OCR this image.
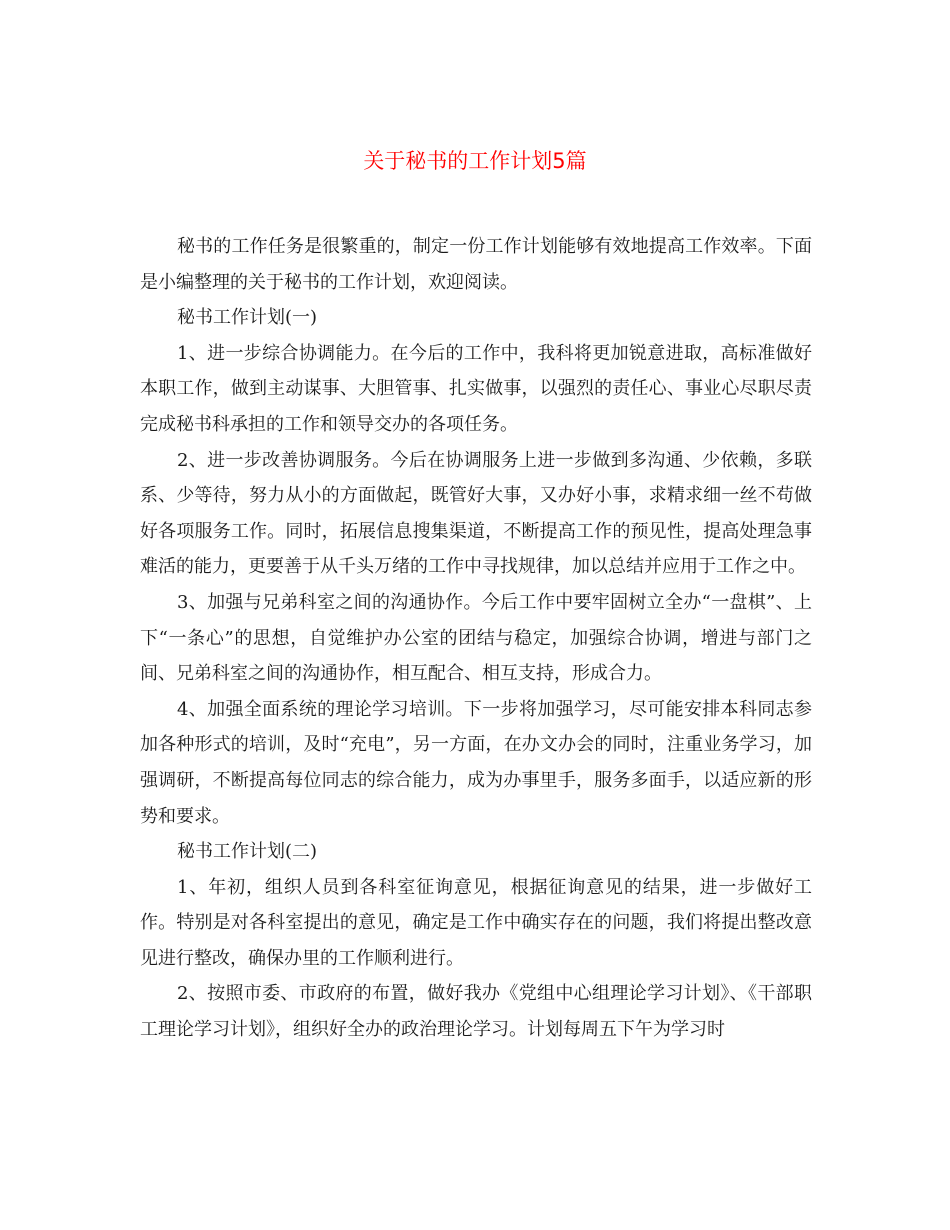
关于秘书的工作计划5篇

秘书的工作任务是很繁重的，制定一份工作计划能够有效地提高工作效率。下面是小编整理的关于秘书的工作计划，欢迎阅读。

秘书工作计划(一)

1、进一步综合协调能力。在今后的工作中，我科将更加锐意进取，高标准做好本职工作，做到主动谋事、大胆管事、扎实做事，以强烈的责任心、事业心尽职尽责完成秘书科承担的工作和领导交办的各项任务。

2、进一步改善协调服务。今后在协调服务上进一步做到多沟通、少依赖，多联系、少等待，努力从小的方面做起，既管好大事，又办好小事，求精求细一丝不苟做好各项服务工作。同时，拓展信息搜集渠道，不断提高工作的预见性，提高处理急事难活的能力，更要善于从千头万绪的工作中寻找规律，加以总结并应用于工作之中。

3、加强与兄弟科室之间的沟通协作。今后工作中要牢固树立全办“一盘棋”、上下“一条心”的思想，自觉维护办公室的团结与稳定，加强综合协调，增进与部门之间、兄弟科室之间的沟通协作，相互配合、相互支持，形成合力。

4、加强全面系统的理论学习培训。下一步将加强学习，尽可能安排本科同志参加各种形式的培训，及时“充电”，另一方面，在办文办会的同时，注重业务学习，加强调研，不断提高每位同志的综合能力，成为办事里手，服务多面手，以适应新的形势和要求。

秘书工作计划(二)

1、年初，组织人员到各科室征询意见，根据征询意见的结果，进一步做好工作。特别是对各科室提出的意见，确定是工作中确实存在的问题，我们将提出整改意见进行整改，确保办里的工作顺利进行。

2、按照市委、市政府的布置，做好我办《党组中心组理论学习计划》、《干部职工理论学习计划》，组织好全办的政治理论学习。计划每周五下午为学习时
